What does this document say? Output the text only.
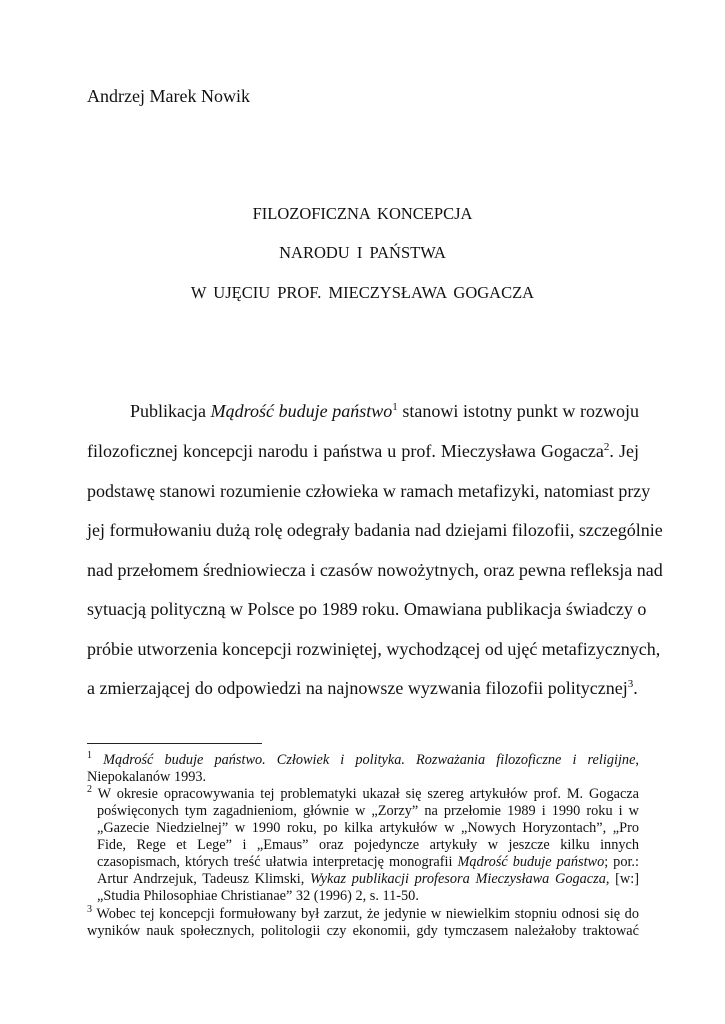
Andrzej Marek Nowik
FILOZOFICZNA KONCEPCJA
NARODU I PAŃSTWA
W UJĘCIU PROF. MIECZYSŁAWA GOGACZA
Publikacja Mądrość buduje państwo$^1$ stanowi istotny punkt w rozwoju
filozoficznej koncepcji narodu i państwa u prof. Mieczysława Gogacza$^2$. Jej
podstawę stanowi rozumienie człowieka w ramach metafizyki, natomiast przy
jej formułowaniu dużą rolę odegrały badania nad dziejami filozofii, szczególnie
nad przełomem średniowiecza i czasów nowożytnych, oraz pewna refleksja nad
sytuacją polityczną w Polsce po 1989 roku. Omawiana publikacja świadczy o
próbie utworzenia koncepcji rozwiniętej, wychodzącej od ujęć metafizycznych,
a zmierzającej do odpowiedzi na najnowsze wyzwania filozofii politycznej$^3$.
$^1$ Mądrość buduje państwo. Człowiek i polityka. Rozważania filozoficzne i religijne,
Niepokalanów 1993.
$^2$ W okresie opracowywania tej problematyki ukazał się szereg artykułów prof. M. Gogacza
poświęconych tym zagadnieniom, głównie w „Zorzy” na przełomie 1989 i 1990 roku i w
„Gazecie Niedzielnej” w 1990 roku, po kilka artykułów w „Nowych Horyzontach”, „Pro
Fide, Rege et Lege” i „Emaus” oraz pojedyncze artykuły w jeszcze kilku innych
czasopismach, których treść ułatwia interpretację monografii Mądrość buduje państwo; por.:
Artur Andrzejuk, Tadeusz Klimski, Wykaz publikacji profesora Mieczysława Gogacza, [w:]
„Studia Philosophiae Christianae” 32 (1996) 2, s. 11-50.
$^3$ Wobec tej koncepcji formułowany był zarzut, że jedynie w niewielkim stopniu odnosi się do
wyników nauk społecznych, politologii czy ekonomii, gdy tymczasem należałoby traktować
